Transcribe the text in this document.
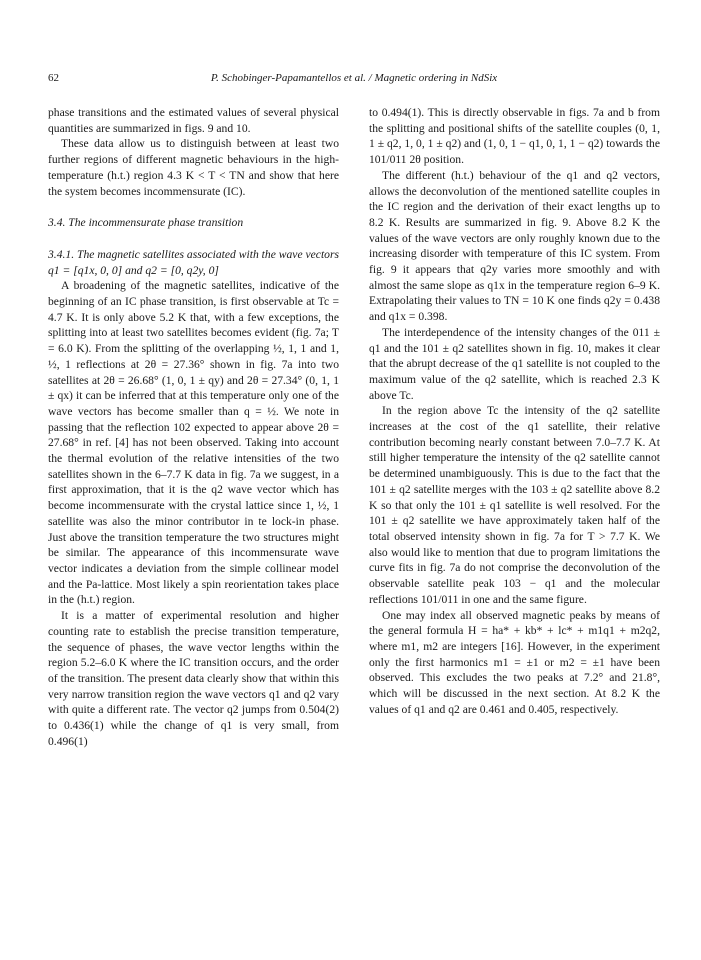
62	P. Schobinger-Papamantellos et al. / Magnetic ordering in NdSix

phase transitions and the estimated values of several physical quantities are summarized in figs. 9 and 10.

These data allow us to distinguish between at least two further regions of different magnetic behaviours in the high-temperature (h.t.) region 4.3 K < T < TN and show that here the system becomes incommensurate (IC).

3.4. The incommensurate phase transition

3.4.1. The magnetic satellites associated with the wave vectors q1 = [q1x, 0, 0] and q2 = [0, q2y, 0]

A broadening of the magnetic satellites, indicative of the beginning of an IC phase transition, is first observable at Tc = 4.7 K. It is only above 5.2 K that, with a few exceptions, the splitting into at least two satellites becomes evident (fig. 7a; T = 6.0 K). From the splitting of the overlapping ½, 1, 1 and 1, ½, 1 reflections at 2θ = 27.36° shown in fig. 7a into two satellites at 2θ = 26.68° (1, 0, 1 ± qy) and 2θ = 27.34° (0, 1, 1 ± qx) it can be inferred that at this temperature only one of the wave vectors has become smaller than q = ½. We note in passing that the reflection 102 expected to appear above 2θ = 27.68° in ref. [4] has not been observed. Taking into account the thermal evolution of the relative intensities of the two satellites shown in the 6–7.7 K data in fig. 7a we suggest, in a first approximation, that it is the q2 wave vector which has become incommensurate with the crystal lattice since 1, ½, 1 satellite was also the minor contributor in te lock-in phase. Just above the transition temperature the two structures might be similar. The appearance of this incommensurate wave vector indicates a deviation from the simple collinear model and the Pa-lattice. Most likely a spin reorientation takes place in the (h.t.) region.

It is a matter of experimental resolution and higher counting rate to establish the precise transition temperature, the sequence of phases, the wave vector lengths within the region 5.2–6.0 K where the IC transition occurs, and the order of the transition. The present data clearly show that within this very narrow transition region the wave vectors q1 and q2 vary with quite a different rate. The vector q2 jumps from 0.504(2) to 0.436(1) while the change of q1 is very small, from 0.496(1)

to 0.494(1). This is directly observable in figs. 7a and b from the splitting and positional shifts of the satellite couples (0, 1, 1 ± q2, 1, 0, 1 ± q2) and (1, 0, 1 − q1, 0, 1, 1 − q2) towards the 101/011 2θ position.

The different (h.t.) behaviour of the q1 and q2 vectors, allows the deconvolution of the mentioned satellite couples in the IC region and the derivation of their exact lengths up to 8.2 K. Results are summarized in fig. 9. Above 8.2 K the values of the wave vectors are only roughly known due to the increasing disorder with temperature of this IC system. From fig. 9 it appears that q2y varies more smoothly and with almost the same slope as q1x in the temperature region 6–9 K. Extrapolating their values to TN = 10 K one finds q2y = 0.438 and q1x = 0.398.

The interdependence of the intensity changes of the 011 ± q1 and the 101 ± q2 satellites shown in fig. 10, makes it clear that the abrupt decrease of the q1 satellite is not coupled to the maximum value of the q2 satellite, which is reached 2.3 K above Tc.

In the region above Tc the intensity of the q2 satellite increases at the cost of the q1 satellite, their relative contribution becoming nearly constant between 7.0–7.7 K. At still higher temperature the intensity of the q2 satellite cannot be determined unambiguously. This is due to the fact that the 101 ± q2 satellite merges with the 103 ± q2 satellite above 8.2 K so that only the 101 ± q1 satellite is well resolved. For the 101 ± q2 satellite we have approximately taken half of the total observed intensity shown in fig. 7a for T > 7.7 K. We also would like to mention that due to program limitations the curve fits in fig. 7a do not comprise the deconvolution of the observable satellite peak 103 − q1 and the molecular reflections 101/011 in one and the same figure.

One may index all observed magnetic peaks by means of the general formula H = ha* + kb* + lc* + m1q1 + m2q2, where m1, m2 are integers [16]. However, in the experiment only the first harmonics m1 = ±1 or m2 = ±1 have been observed. This excludes the two peaks at 7.2° and 21.8°, which will be discussed in the next section. At 8.2 K the values of q1 and q2 are 0.461 and 0.405, respectively.
